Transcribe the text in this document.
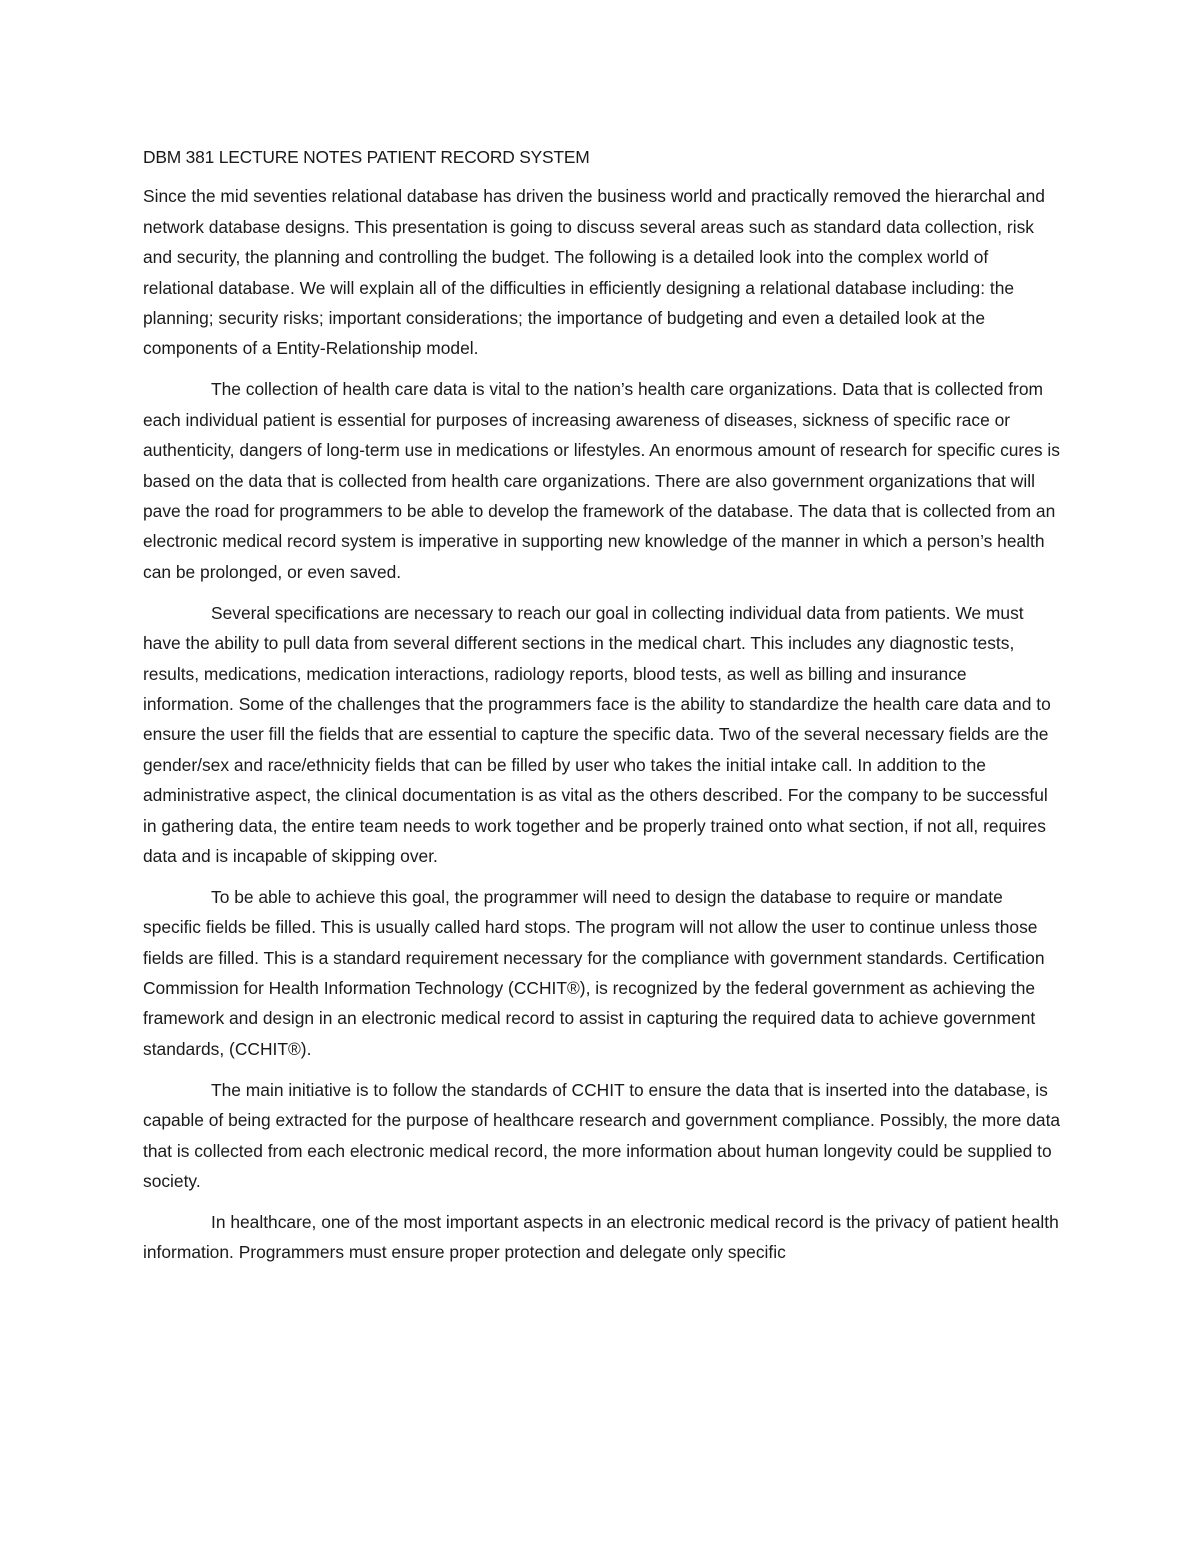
DBM 381 LECTURE NOTES PATIENT RECORD SYSTEM

Since the mid seventies relational database has driven the business world and practically removed the hierarchal and network database designs. This presentation is going to discuss several areas such as standard data collection, risk and security, the planning and controlling the budget. The following is a detailed look into the complex world of relational database. We will explain all of the difficulties in efficiently designing a relational database including: the planning; security risks; important considerations; the importance of budgeting and even a detailed look at the components of a Entity-Relationship model.

The collection of health care data is vital to the nation’s health care organizations. Data that is collected from each individual patient is essential for purposes of increasing awareness of diseases, sickness of specific race or authenticity, dangers of long-term use in medications or lifestyles. An enormous amount of research for specific cures is based on the data that is collected from health care organizations. There are also government organizations that will pave the road for programmers to be able to develop the framework of the database. The data that is collected from an electronic medical record system is imperative in supporting new knowledge of the manner in which a person’s health can be prolonged, or even saved.

Several specifications are necessary to reach our goal in collecting individual data from patients. We must have the ability to pull data from several different sections in the medical chart. This includes any diagnostic tests, results, medications, medication interactions, radiology reports, blood tests, as well as billing and insurance information. Some of the challenges that the programmers face is the ability to standardize the health care data and to ensure the user fill the fields that are essential to capture the specific data. Two of the several necessary fields are the gender/sex and race/ethnicity fields that can be filled by user who takes the initial intake call. In addition to the administrative aspect, the clinical documentation is as vital as the others described. For the company to be successful in gathering data, the entire team needs to work together and be properly trained onto what section, if not all, requires data and is incapable of skipping over.

To be able to achieve this goal, the programmer will need to design the database to require or mandate specific fields be filled. This is usually called hard stops. The program will not allow the user to continue unless those fields are filled. This is a standard requirement necessary for the compliance with government standards. Certification Commission for Health Information Technology (CCHIT®), is recognized by the federal government as achieving the framework and design in an electronic medical record to assist in capturing the required data to achieve government standards, (CCHIT®).

The main initiative is to follow the standards of CCHIT to ensure the data that is inserted into the database, is capable of being extracted for the purpose of healthcare research and government compliance. Possibly, the more data that is collected from each electronic medical record, the more information about human longevity could be supplied to society.

In healthcare, one of the most important aspects in an electronic medical record is the privacy of patient health information. Programmers must ensure proper protection and delegate only specific
